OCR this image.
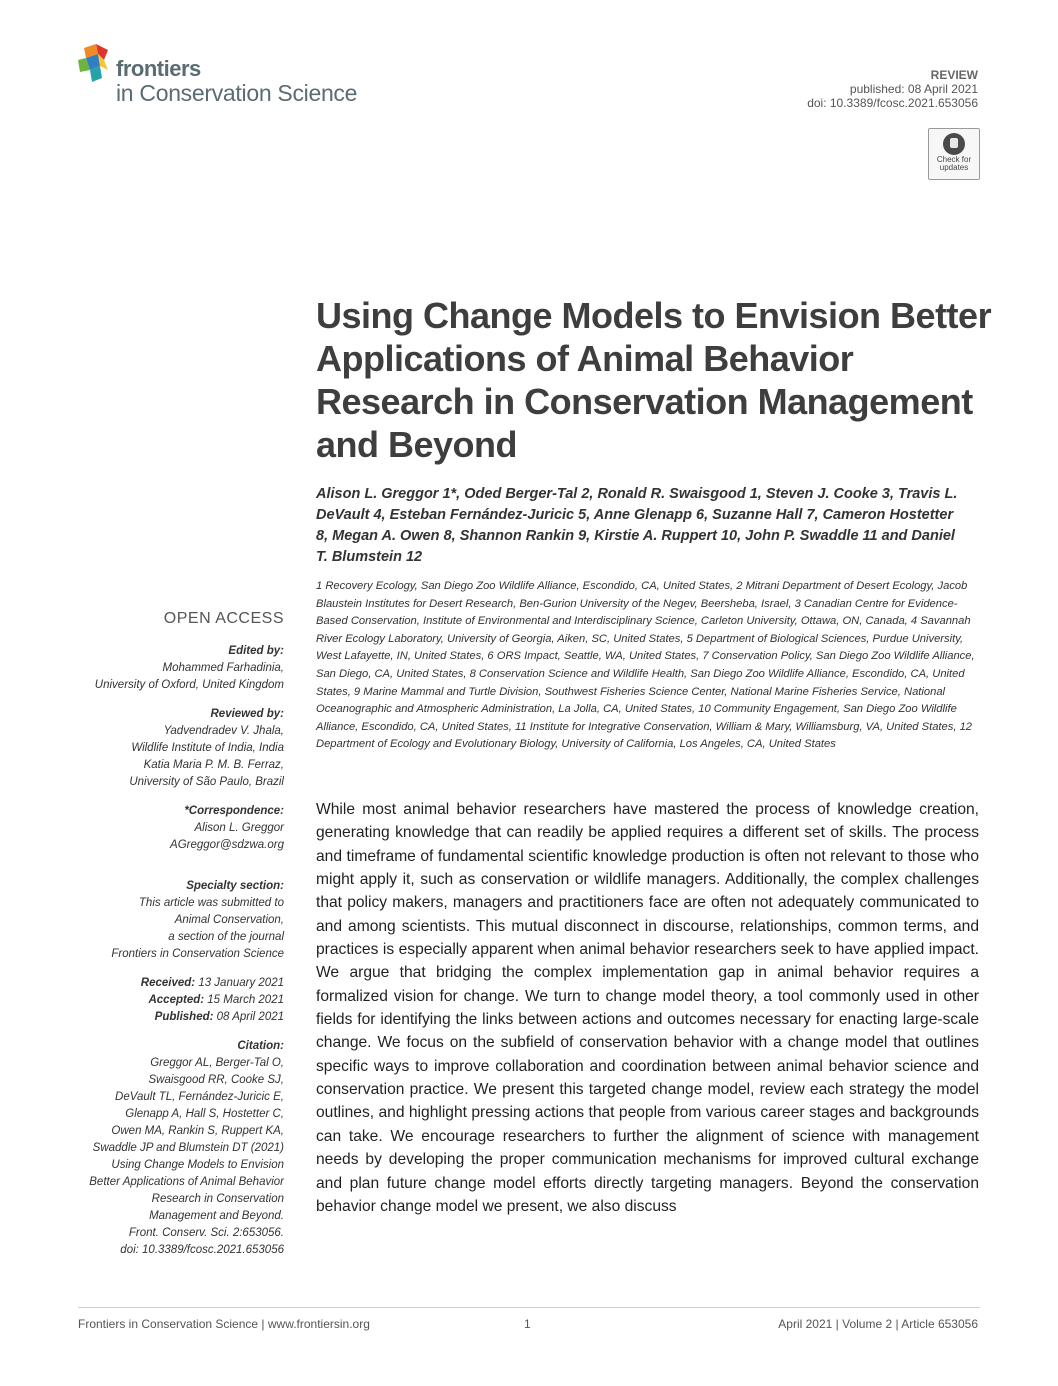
frontiers
in Conservation Science
REVIEW
published: 08 April 2021
doi: 10.3389/fcosc.2021.653056
Check for
updates
Using Change Models to Envision Better Applications of Animal Behavior Research in Conservation Management and Beyond
Alison L. Greggor 1*, Oded Berger-Tal 2, Ronald R. Swaisgood 1, Steven J. Cooke 3, Travis L. DeVault 4, Esteban Fernández-Juricic 5, Anne Glenapp 6, Suzanne Hall 7, Cameron Hostetter 8, Megan A. Owen 8, Shannon Rankin 9, Kirstie A. Ruppert 10, John P. Swaddle 11 and Daniel T. Blumstein 12
1 Recovery Ecology, San Diego Zoo Wildlife Alliance, Escondido, CA, United States, 2 Mitrani Department of Desert Ecology, Jacob Blaustein Institutes for Desert Research, Ben-Gurion University of the Negev, Beersheba, Israel, 3 Canadian Centre for Evidence-Based Conservation, Institute of Environmental and Interdisciplinary Science, Carleton University, Ottawa, ON, Canada, 4 Savannah River Ecology Laboratory, University of Georgia, Aiken, SC, United States, 5 Department of Biological Sciences, Purdue University, West Lafayette, IN, United States, 6 ORS Impact, Seattle, WA, United States, 7 Conservation Policy, San Diego Zoo Wildlife Alliance, San Diego, CA, United States, 8 Conservation Science and Wildlife Health, San Diego Zoo Wildlife Alliance, Escondido, CA, United States, 9 Marine Mammal and Turtle Division, Southwest Fisheries Science Center, National Marine Fisheries Service, National Oceanographic and Atmospheric Administration, La Jolla, CA, United States, 10 Community Engagement, San Diego Zoo Wildlife Alliance, Escondido, CA, United States, 11 Institute for Integrative Conservation, William & Mary, Williamsburg, VA, United States, 12 Department of Ecology and Evolutionary Biology, University of California, Los Angeles, CA, United States
OPEN ACCESS
Edited by:
Mohammed Farhadinia,
University of Oxford, United Kingdom
Reviewed by:
Yadvendradev V. Jhala,
Wildlife Institute of India, India
Katia Maria P. M. B. Ferraz,
University of São Paulo, Brazil
*Correspondence:
Alison L. Greggor
AGreggor@sdzwa.org
Specialty section:
This article was submitted to
Animal Conservation,
a section of the journal
Frontiers in Conservation Science
Received: 13 January 2021
Accepted: 15 March 2021
Published: 08 April 2021
Citation:
Greggor AL, Berger-Tal O,
Swaisgood RR, Cooke SJ,
DeVault TL, Fernández-Juricic E,
Glenapp A, Hall S, Hostetter C,
Owen MA, Rankin S, Ruppert KA,
Swaddle JP and Blumstein DT (2021)
Using Change Models to Envision
Better Applications of Animal Behavior
Research in Conservation
Management and Beyond.
Front. Conserv. Sci. 2:653056.
doi: 10.3389/fcosc.2021.653056
While most animal behavior researchers have mastered the process of knowledge creation, generating knowledge that can readily be applied requires a different set of skills. The process and timeframe of fundamental scientific knowledge production is often not relevant to those who might apply it, such as conservation or wildlife managers. Additionally, the complex challenges that policy makers, managers and practitioners face are often not adequately communicated to and among scientists. This mutual disconnect in discourse, relationships, common terms, and practices is especially apparent when animal behavior researchers seek to have applied impact. We argue that bridging the complex implementation gap in animal behavior requires a formalized vision for change. We turn to change model theory, a tool commonly used in other fields for identifying the links between actions and outcomes necessary for enacting large-scale change. We focus on the subfield of conservation behavior with a change model that outlines specific ways to improve collaboration and coordination between animal behavior science and conservation practice. We present this targeted change model, review each strategy the model outlines, and highlight pressing actions that people from various career stages and backgrounds can take. We encourage researchers to further the alignment of science with management needs by developing the proper communication mechanisms for improved cultural exchange and plan future change model efforts directly targeting managers. Beyond the conservation behavior change model we present, we also discuss
Frontiers in Conservation Science | www.frontiersin.org	1	April 2021 | Volume 2 | Article 653056
